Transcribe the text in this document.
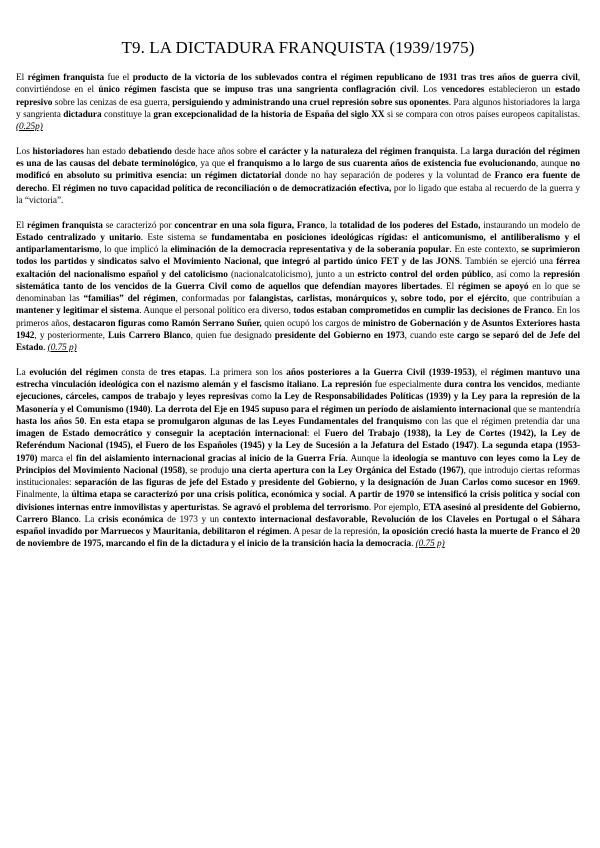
T9. LA DICTADURA FRANQUISTA (1939/1975)

El régimen franquista fue el producto de la victoria de los sublevados contra el régimen republicano de 1931 tras tres años de guerra civil, convirtiéndose en el único régimen fascista que se impuso tras una sangrienta conflagración civil. Los vencedores establecieron un estado represivo sobre las cenizas de esa guerra, persiguiendo y administrando una cruel represión sobre sus oponentes. Para algunos historiadores la larga y sangrienta dictadura constituye la gran excepcionalidad de la historia de España del siglo XX si se compara con otros países europeos capitalistas. (0.25p)

Los historiadores han estado debatiendo desde hace años sobre el carácter y la naturaleza del régimen franquista. La larga duración del régimen es una de las causas del debate terminológico, ya que el franquismo a lo largo de sus cuarenta años de existencia fue evolucionando, aunque no modificó en absoluto su primitiva esencia: un régimen dictatorial donde no hay separación de poderes y la voluntad de Franco era fuente de derecho. El régimen no tuvo capacidad política de reconciliación o de democratización efectiva, por lo ligado que estaba al recuerdo de la guerra y la “victoria”.

El régimen franquista se caracterizó por concentrar en una sola figura, Franco, la totalidad de los poderes del Estado, instaurando un modelo de Estado centralizado y unitario. Este sistema se fundamentaba en posiciones ideológicas rígidas: el anticomunismo, el antiliberalismo y el antiparlamentarismo, lo que implicó la eliminación de la democracia representativa y de la soberanía popular. En este contexto, se suprimieron todos los partidos y sindicatos salvo el Movimiento Nacional, que integró al partido único FET y de las JONS. También se ejerció una férrea exaltación del nacionalismo español y del catolicismo (nacionalcatolicismo), junto a un estricto control del orden público, así como la represión sistemática tanto de los vencidos de la Guerra Civil como de aquellos que defendían mayores libertades. El régimen se apoyó en lo que se denominaban las “familias” del régimen, conformadas por falangistas, carlistas, monárquicos y, sobre todo, por el ejército, que contribuían a mantener y legitimar el sistema. Aunque el personal político era diverso, todos estaban comprometidos en cumplir las decisiones de Franco. En los primeros años, destacaron figuras como Ramón Serrano Suñer, quien ocupó los cargos de ministro de Gobernación y de Asuntos Exteriores hasta 1942, y posteriormente, Luis Carrero Blanco, quien fue designado presidente del Gobierno en 1973, cuando este cargo se separó del de Jefe del Estado. (0.75 p)

La evolución del régimen consta de tres etapas. La primera son los años posteriores a la Guerra Civil (1939-1953), el régimen mantuvo una estrecha vinculación ideológica con el nazismo alemán y el fascismo italiano. La represión fue especialmente dura contra los vencidos, mediante ejecuciones, cárceles, campos de trabajo y leyes represivas como la Ley de Responsabilidades Políticas (1939) y la Ley para la represión de la Masonería y el Comunismo (1940). La derrota del Eje en 1945 supuso para el régimen un período de aislamiento internacional que se mantendría hasta los años 50. En esta etapa se promulgaron algunas de las Leyes Fundamentales del franquismo con las que el régimen pretendía dar una imagen de Estado democrático y conseguir la aceptación internacional: el Fuero del Trabajo (1938), la Ley de Cortes (1942), la Ley de Referéndum Nacional (1945), el Fuero de los Españoles (1945) y la Ley de Sucesión a la Jefatura del Estado (1947). La segunda etapa (1953-1970) marca el fin del aislamiento internacional gracias al inicio de la Guerra Fría. Aunque la ideología se mantuvo con leyes como la Ley de Principios del Movimiento Nacional (1958), se produjo una cierta apertura con la Ley Orgánica del Estado (1967), que introdujo ciertas reformas institucionales: separación de las figuras de jefe del Estado y presidente del Gobierno, y la designación de Juan Carlos como sucesor en 1969. Finalmente, la última etapa se caracterizó por una crisis política, económica y social. A partir de 1970 se intensificó la crisis política y social con divisiones internas entre inmovilistas y aperturistas. Se agravó el problema del terrorismo. Por ejemplo, ETA asesinó al presidente del Gobierno, Carrero Blanco. La crisis económica de 1973 y un contexto internacional desfavorable, Revolución de los Claveles en Portugal o el Sáhara español invadido por Marruecos y Mauritania, debilitaron el régimen. A pesar de la represión, la oposición creció hasta la muerte de Franco el 20 de noviembre de 1975, marcando el fin de la dictadura y el inicio de la transición hacia la democracia. (0.75 p)
